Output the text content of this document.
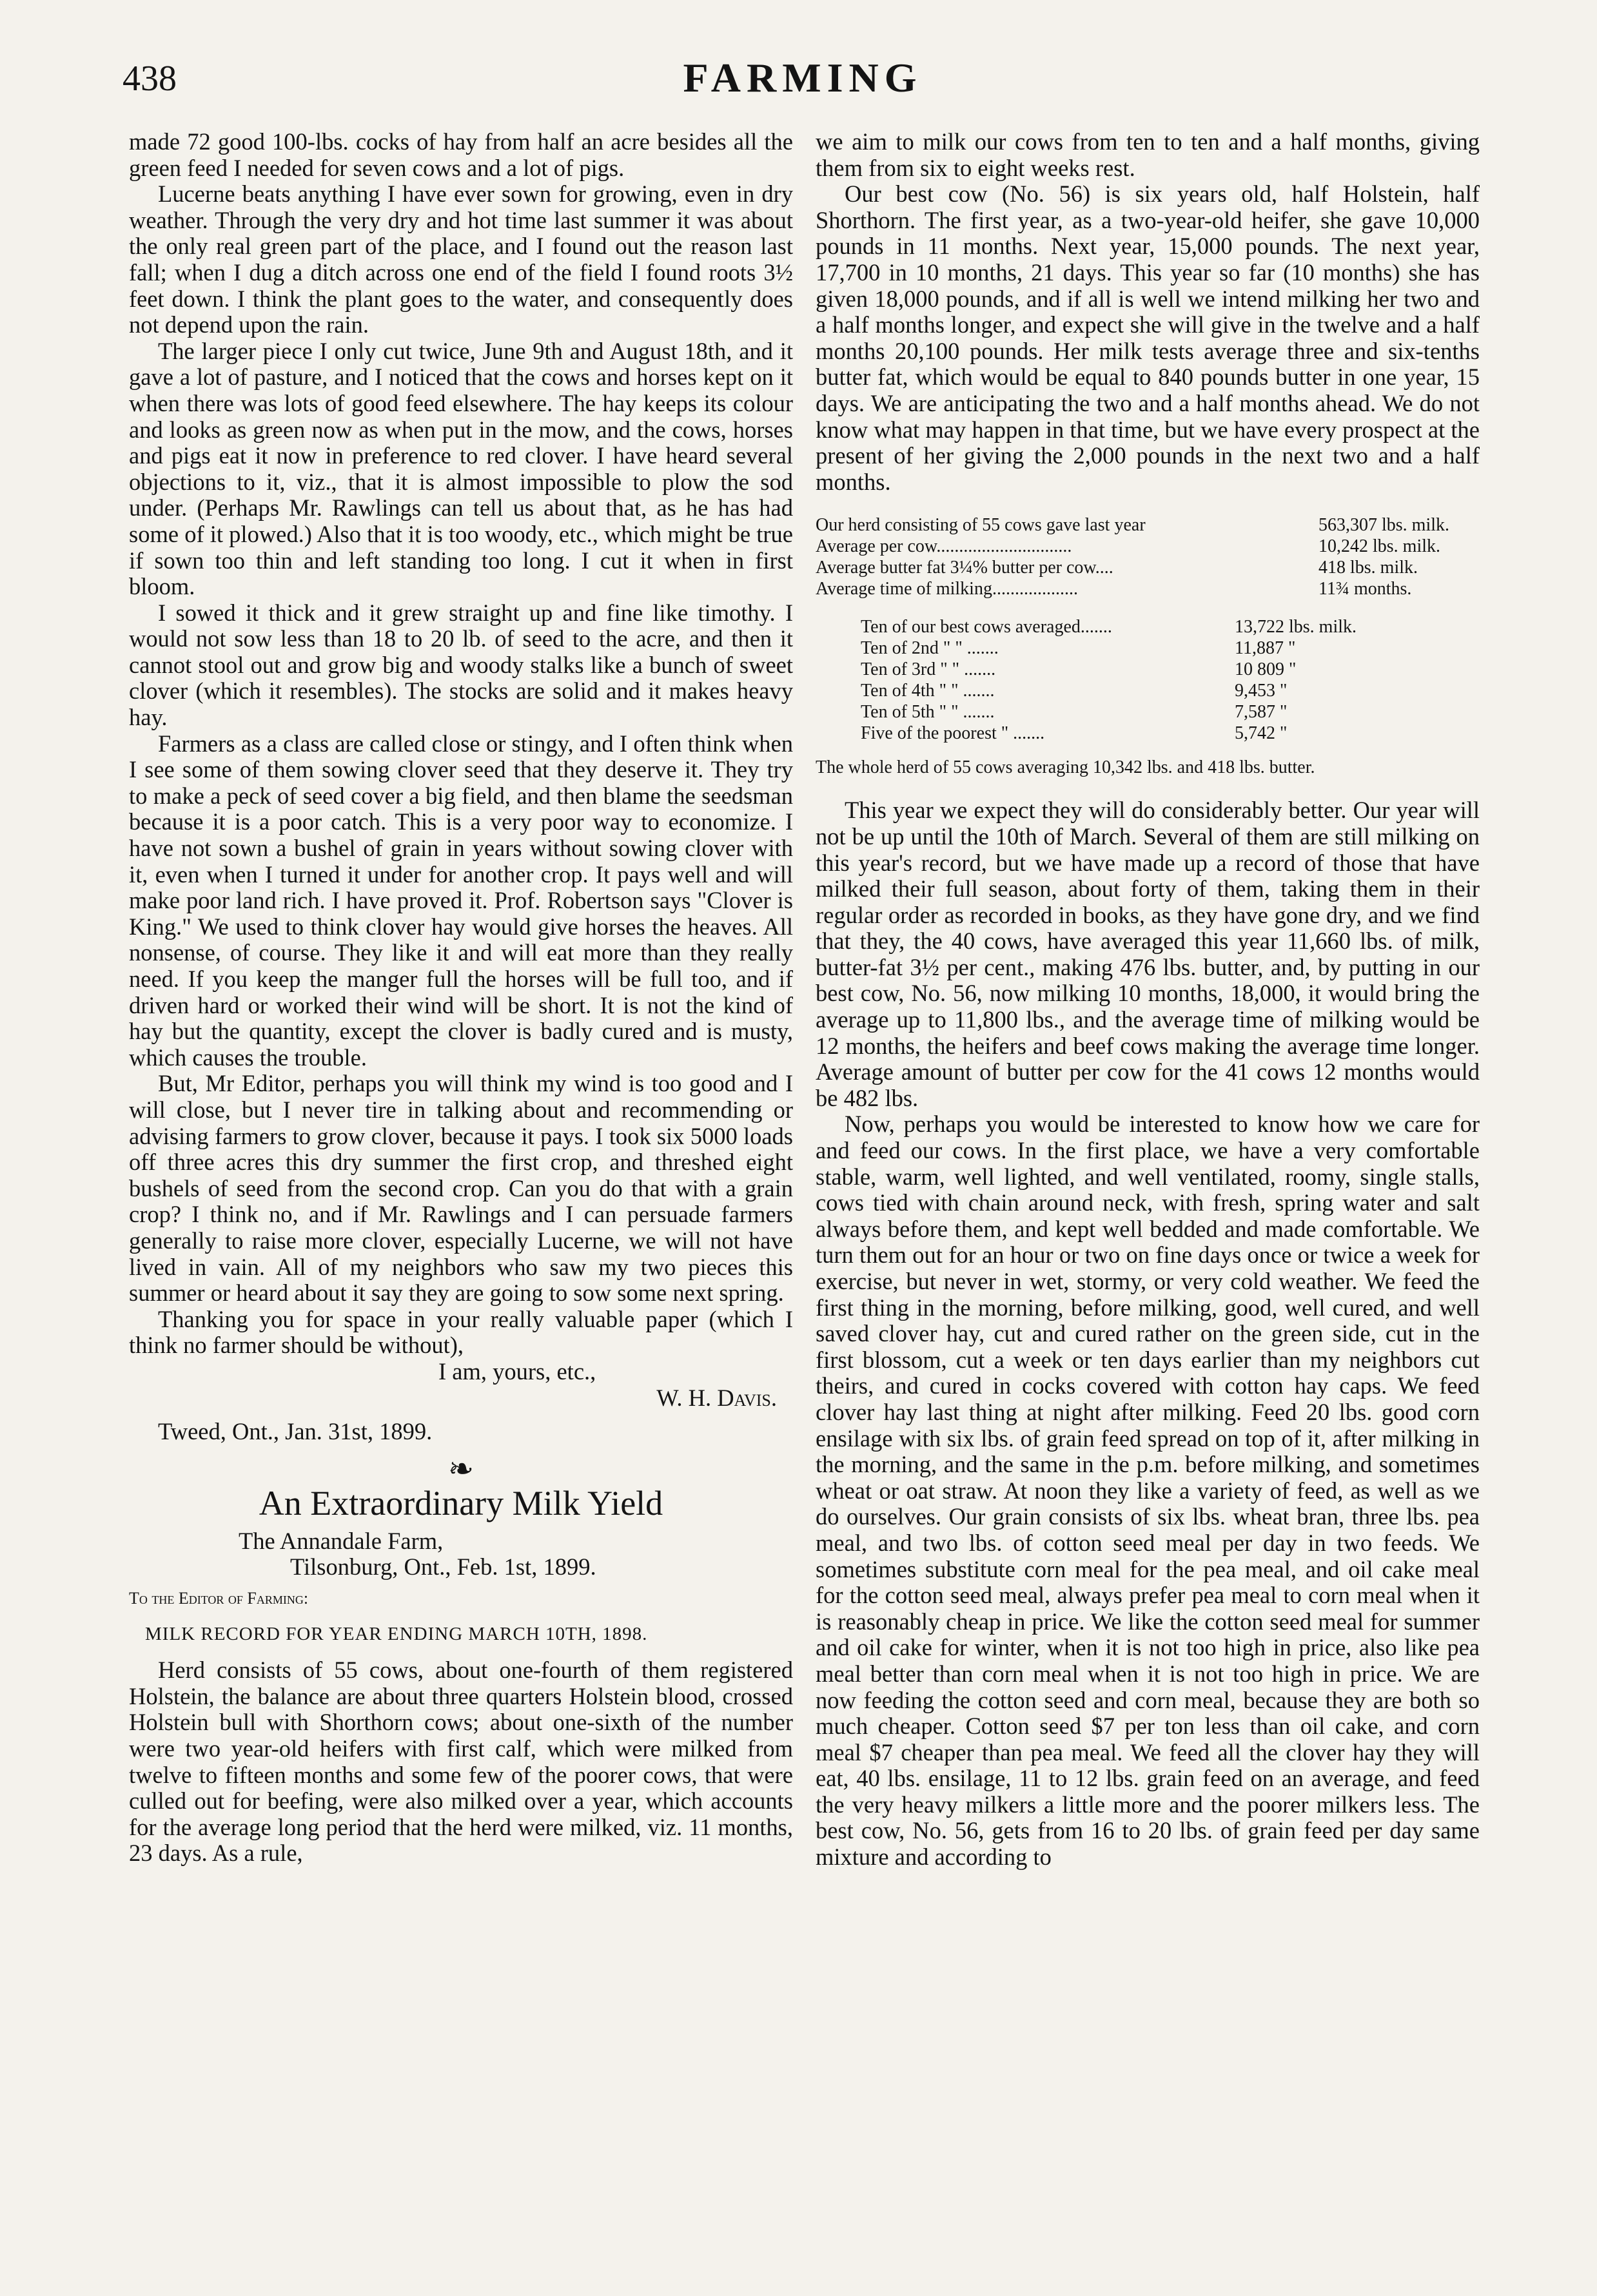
438	FARMING

made 72 good 100-lbs. cocks of hay from half an acre besides all the green feed I needed for seven cows and a lot of pigs.

Lucerne beats anything I have ever sown for growing, even in dry weather. Through the very dry and hot time last summer it was about the only real green part of the place, and I found out the reason last fall; when I dug a ditch across one end of the field I found roots 3½ feet down. I think the plant goes to the water, and consequently does not depend upon the rain.

The larger piece I only cut twice, June 9th and August 18th, and it gave a lot of pasture, and I noticed that the cows and horses kept on it when there was lots of good feed elsewhere. The hay keeps its colour and looks as green now as when put in the mow, and the cows, horses and pigs eat it now in preference to red clover. I have heard several objections to it, viz., that it is almost impossible to plow the sod under. (Perhaps Mr. Rawlings can tell us about that, as he has had some of it plowed.) Also that it is too woody, etc., which might be true if sown too thin and left standing too long. I cut it when in first bloom.

I sowed it thick and it grew straight up and fine like timothy. I would not sow less than 18 to 20 lb. of seed to the acre, and then it cannot stool out and grow big and woody stalks like a bunch of sweet clover (which it resembles). The stocks are solid and it makes heavy hay.

Farmers as a class are called close or stingy, and I often think when I see some of them sowing clover seed that they deserve it. They try to make a peck of seed cover a big field, and then blame the seedsman because it is a poor catch. This is a very poor way to economize. I have not sown a bushel of grain in years without sowing clover with it, even when I turned it under for another crop. It pays well and will make poor land rich. I have proved it. Prof. Robertson says "Clover is King." We used to think clover hay would give horses the heaves. All nonsense, of course. They like it and will eat more than they really need. If you keep the manger full the horses will be full too, and if driven hard or worked their wind will be short. It is not the kind of hay but the quantity, except the clover is badly cured and is musty, which causes the trouble.

But, Mr Editor, perhaps you will think my wind is too good and I will close, but I never tire in talking about and recommending or advising farmers to grow clover, because it pays. I took six 5000 loads off three acres this dry summer the first crop, and threshed eight bushels of seed from the second crop. Can you do that with a grain crop? I think no, and if Mr. Rawlings and I can persuade farmers generally to raise more clover, especially Lucerne, we will not have lived in vain. All of my neighbors who saw my two pieces this summer or heard about it say they are going to sow some next spring.

Thanking you for space in your really valuable paper (which I think no farmer should be without),

I am, yours, etc.,

W. H. Davis.

Tweed, Ont., Jan. 31st, 1899.

❧
An Extraordinary Milk Yield

The Annandale Farm,

Tilsonburg, Ont., Feb. 1st, 1899.

To the Editor of Farming:

MILK RECORD FOR YEAR ENDING MARCH 10TH, 1898.

Herd consists of 55 cows, about one-fourth of them registered Holstein, the balance are about three quarters Holstein blood, crossed Holstein bull with Shorthorn cows; about one-sixth of the number were two year-old heifers with first calf, which were milked from twelve to fifteen months and some few of the poorer cows, that were culled out for beefing, were also milked over a year, which accounts for the average long period that the herd were milked, viz. 11 months, 23 days. As a rule,

we aim to milk our cows from ten to ten and a half months, giving them from six to eight weeks rest.

Our best cow (No. 56) is six years old, half Holstein, half Shorthorn. The first year, as a two-year-old heifer, she gave 10,000 pounds in 11 months. Next year, 15,000 pounds. The next year, 17,700 in 10 months, 21 days. This year so far (10 months) she has given 18,000 pounds, and if all is well we intend milking her two and a half months longer, and expect she will give in the twelve and a half months 20,100 pounds. Her milk tests average three and six-tenths butter fat, which would be equal to 840 pounds butter in one year, 15 days. We are anticipating the two and a half months ahead. We do not know what may happen in that time, but we have every prospect at the present of her giving the 2,000 pounds in the next two and a half months.

Our herd consisting of 55 cows gave last year	563,307 lbs. milk.
Average per cow..............................	10,242 lbs. milk.
Average butter fat 3¼% butter per cow....	418 lbs. milk.
Average time of milking...................	11¾ months.
Ten of our best cows averaged.......	13,722 lbs. milk.
Ten of 2nd " " .......	11,887 "
Ten of 3rd " " .......	10 809 "
Ten of 4th " " .......	9,453 "
Ten of 5th " " .......	7,587 "
Five of the poorest " .......	5,742 "

The whole herd of 55 cows averaging 10,342 lbs. and 418 lbs. butter.

This year we expect they will do considerably better. Our year will not be up until the 10th of March. Several of them are still milking on this year's record, but we have made up a record of those that have milked their full season, about forty of them, taking them in their regular order as recorded in books, as they have gone dry, and we find that they, the 40 cows, have averaged this year 11,660 lbs. of milk, butter-fat 3½ per cent., making 476 lbs. butter, and, by putting in our best cow, No. 56, now milking 10 months, 18,000, it would bring the average up to 11,800 lbs., and the average time of milking would be 12 months, the heifers and beef cows making the average time longer. Average amount of butter per cow for the 41 cows 12 months would be 482 lbs.

Now, perhaps you would be interested to know how we care for and feed our cows. In the first place, we have a very comfortable stable, warm, well lighted, and well ventilated, roomy, single stalls, cows tied with chain around neck, with fresh, spring water and salt always before them, and kept well bedded and made comfortable. We turn them out for an hour or two on fine days once or twice a week for exercise, but never in wet, stormy, or very cold weather. We feed the first thing in the morning, before milking, good, well cured, and well saved clover hay, cut and cured rather on the green side, cut in the first blossom, cut a week or ten days earlier than my neighbors cut theirs, and cured in cocks covered with cotton hay caps. We feed clover hay last thing at night after milking. Feed 20 lbs. good corn ensilage with six lbs. of grain feed spread on top of it, after milking in the morning, and the same in the p.m. before milking, and sometimes wheat or oat straw. At noon they like a variety of feed, as well as we do ourselves. Our grain consists of six lbs. wheat bran, three lbs. pea meal, and two lbs. of cotton seed meal per day in two feeds. We sometimes substitute corn meal for the pea meal, and oil cake meal for the cotton seed meal, always prefer pea meal to corn meal when it is reasonably cheap in price. We like the cotton seed meal for summer and oil cake for winter, when it is not too high in price, also like pea meal better than corn meal when it is not too high in price. We are now feeding the cotton seed and corn meal, because they are both so much cheaper. Cotton seed $7 per ton less than oil cake, and corn meal $7 cheaper than pea meal. We feed all the clover hay they will eat, 40 lbs. ensilage, 11 to 12 lbs. grain feed on an average, and feed the very heavy milkers a little more and the poorer milkers less. The best cow, No. 56, gets from 16 to 20 lbs. of grain feed per day same mixture and according to
